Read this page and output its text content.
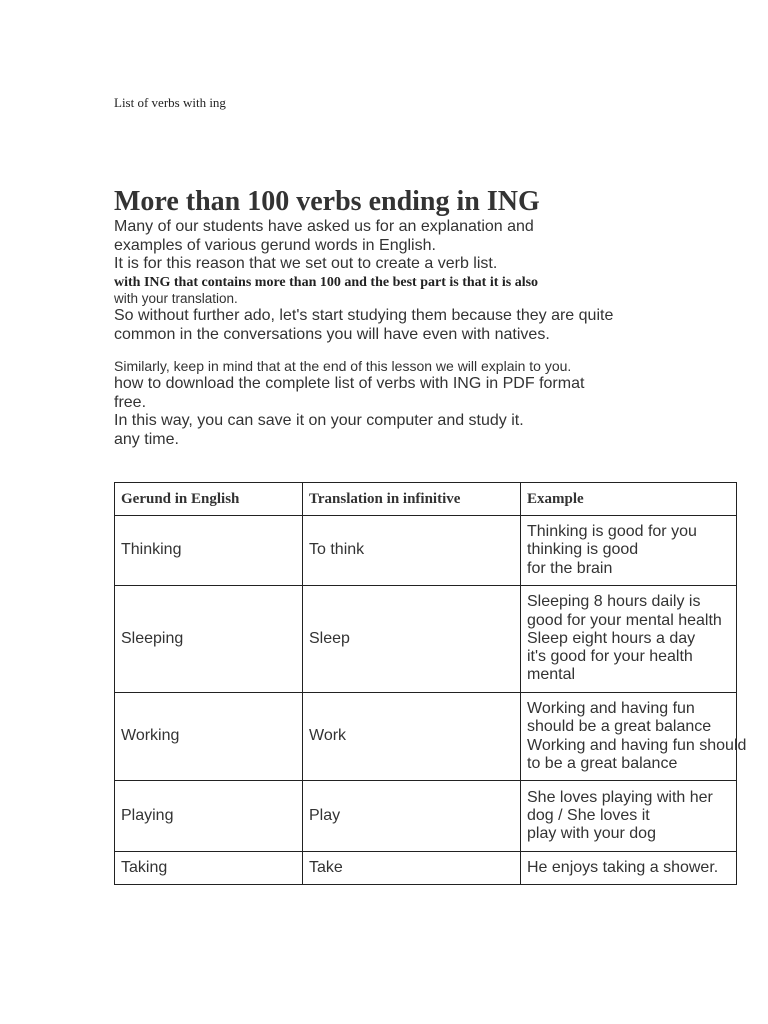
List of verbs with ing
More than 100 verbs ending in ING
Many of our students have asked us for an explanation and
examples of various gerund words in English.
It is for this reason that we set out to create a verb list.
with ING that contains more than 100 and the best part is that it is also
with your translation.
So without further ado, let's start studying them because they are quite
common in the conversations you will have even with natives.
Similarly, keep in mind that at the end of this lesson we will explain to you.
how to download the complete list of verbs with ING in PDF format
free.
In this way, you can save it on your computer and study it.
any time.
Gerund in English	Translation in infinitive	Example
Thinking	To think	Thinking is good for you
thinking is good
for the brain

Sleeping	Sleep	Sleeping 8 hours daily is
good for your mental health
Sleep eight hours a day
it's good for your health
mental

Working	Work	Working and having fun
should be a great balance
Working and having fun should
to be a great balance

Playing	Play	She loves playing with her
dog / She loves it
play with your dog

Taking	Take	He enjoys taking a shower.
